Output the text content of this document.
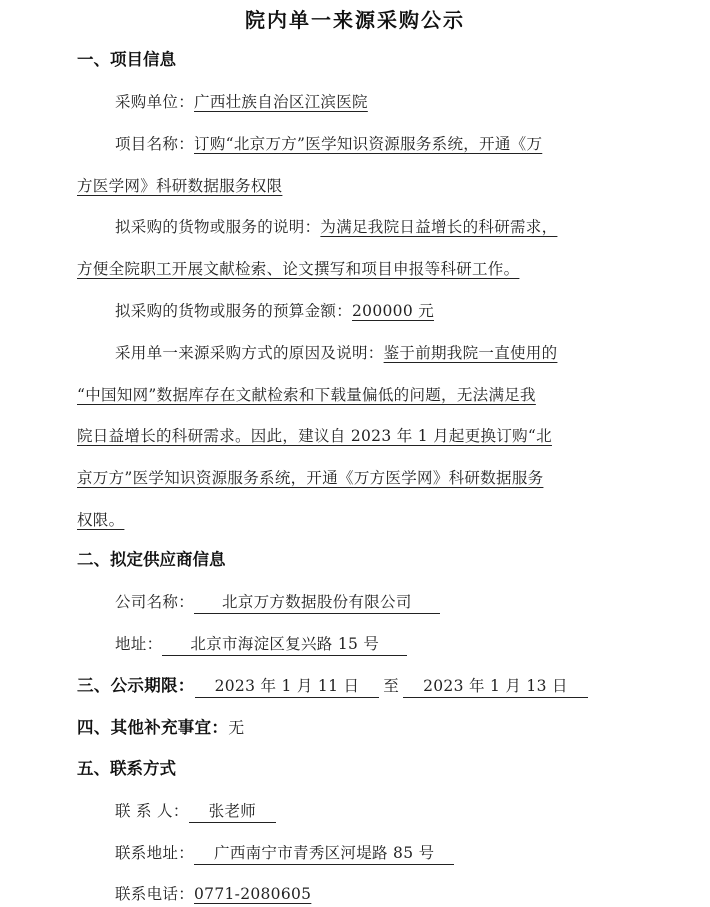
院内单一来源采购公示
一、项目信息
采购单位：广西壮族自治区江滨医院
项目名称：订购“北京万方”医学知识资源服务系统，开通《万
方医学网》科研数据服务权限
拟采购的货物或服务的说明：为满足我院日益增长的科研需求，
方便全院职工开展文献检索、论文撰写和项目申报等科研工作。
拟采购的货物或服务的预算金额：200000 元
采用单一来源采购方式的原因及说明：鉴于前期我院一直使用的
“中国知网”数据库存在文献检索和下载量偏低的问题，无法满足我
院日益增长的科研需求。因此，建议自 2023 年 1 月起更换订购“北
京万方”医学知识资源服务系统，开通《万方医学网》科研数据服务
权限。
二、拟定供应商信息
公司名称： 北京万方数据股份有限公司
地址： 北京市海淀区复兴路 15 号
三、公示期限： 2023 年 1 月 11 日 至 2023 年 1 月 13 日
四、其他补充事宜：无
五、联系方式
联 系 人： 张老师
联系地址： 广西南宁市青秀区河堤路 85 号
联系电话：0771-2080605
